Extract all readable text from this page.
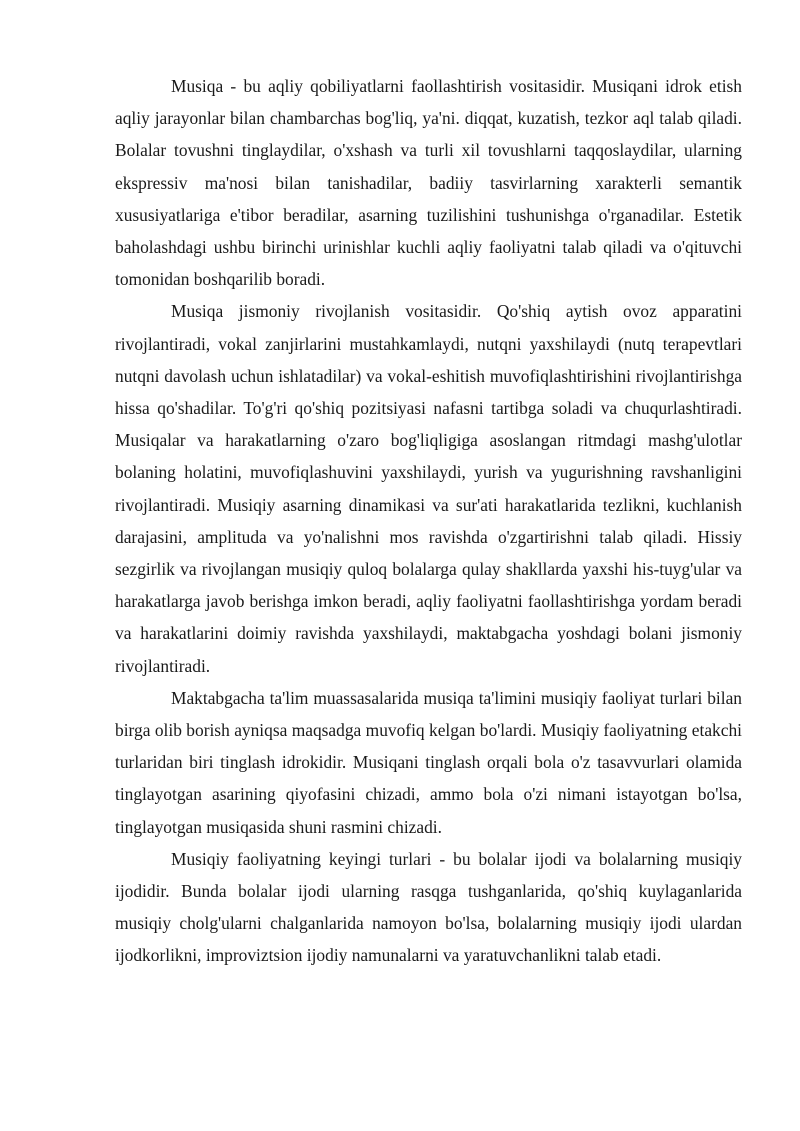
Musiqa - bu aqliy qobiliyatlarni faollashtirish vositasidir. Musiqani idrok etish aqliy jarayonlar bilan chambarchas bog'liq, ya'ni. diqqat, kuzatish, tezkor aql talab qiladi. Bolalar tovushni tinglaydilar, o'xshash va turli xil tovushlarni taqqoslaydilar, ularning ekspressiv ma'nosi bilan tanishadilar, badiiy tasvirlarning xarakterli semantik xususiyatlariga e'tibor beradilar, asarning tuzilishini tushunishga o'rganadilar. Estetik baholashdagi ushbu birinchi urinishlar kuchli aqliy faoliyatni talab qiladi va o'qituvchi tomonidan boshqarilib boradi.

Musiqa jismoniy rivojlanish vositasidir. Qo'shiq aytish ovoz apparatini rivojlantiradi, vokal zanjirlarini mustahkamlaydi, nutqni yaxshilaydi (nutq terapevtlari nutqni davolash uchun ishlatadilar) va vokal-eshitish muvofiqlashtirishini rivojlantirishga hissa qo'shadilar. To'g'ri qo'shiq pozitsiyasi nafasni tartibga soladi va chuqurlashtiradi. Musiqalar va harakatlarning o'zaro bog'liqligiga asoslangan ritmdagi mashg'ulotlar bolaning holatini, muvofiqlashuvini yaxshilaydi, yurish va yugurishning ravshanligini rivojlantiradi. Musiqiy asarning dinamikasi va sur'ati harakatlarida tezlikni, kuchlanish darajasini, amplituda va yo'nalishni mos ravishda o'zgartirishni talab qiladi. Hissiy sezgirlik va rivojlangan musiqiy quloq bolalarga qulay shakllarda yaxshi his-tuyg'ular va harakatlarga javob berishga imkon beradi, aqliy faoliyatni faollashtirishga yordam beradi va harakatlarini doimiy ravishda yaxshilaydi, maktabgacha yoshdagi bolani jismoniy rivojlantiradi.

Maktabgacha ta'lim muassasalarida musiqa ta'limini musiqiy faoliyat turlari bilan birga olib borish ayniqsa maqsadga muvofiq kelgan bo'lardi. Musiqiy faoliyatning etakchi turlaridan biri tinglash idrokidir. Musiqani tinglash orqali bola o'z tasavvurlari olamida tinglayotgan asarining qiyofasini chizadi, ammo bola o'zi nimani istayotgan bo'lsa, tinglayotgan musiqasida shuni rasmini chizadi.

Musiqiy faoliyatning keyingi turlari - bu bolalar ijodi va bolalarning musiqiy ijodidir. Bunda bolalar ijodi ularning rasqga tushganlarida, qo'shiq kuylaganlarida musiqiy cholg'ularni chalganlarida namoyon bo'lsa, bolalarning musiqiy ijodi ulardan ijodkorlikni, improviztsion ijodiy namunalarni va yaratuvchanlikni talab etadi.
